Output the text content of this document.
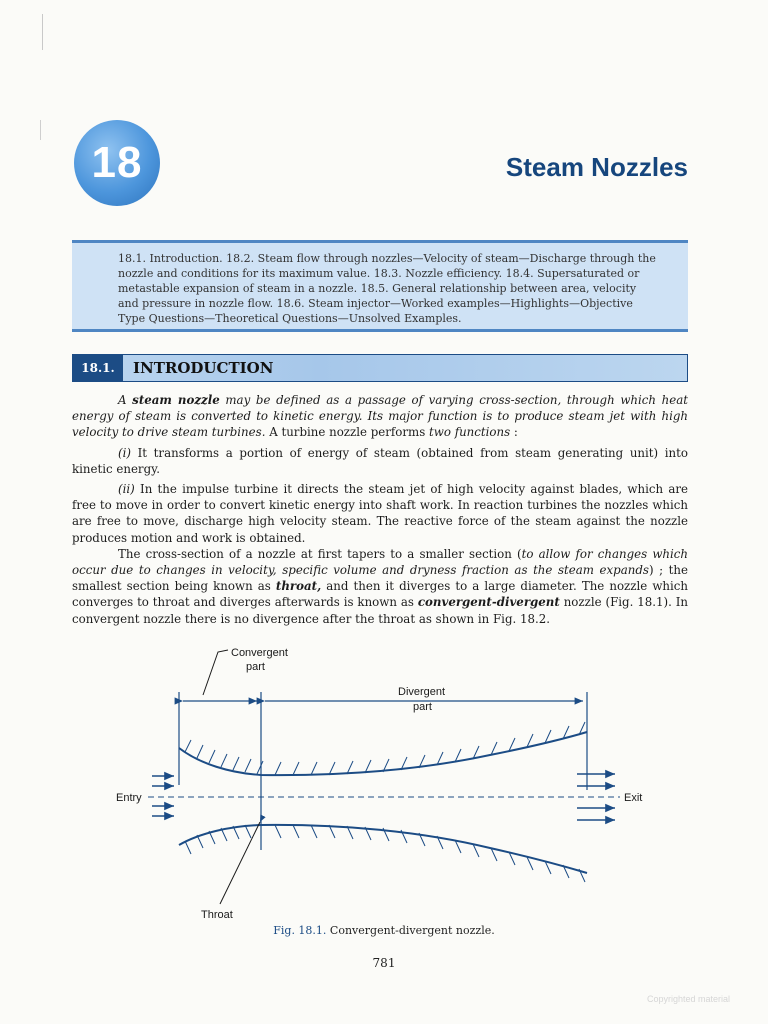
18	Steam Nozzles
18.1. Introduction. 18.2. Steam flow through nozzles—Velocity of steam—Discharge through the nozzle and conditions for its maximum value. 18.3. Nozzle efficiency. 18.4. Supersaturated or metastable expansion of steam in a nozzle. 18.5. General relationship between area, velocity and pressure in nozzle flow. 18.6. Steam injector—Worked examples—Highlights—Objective Type Questions—Theoretical Questions—Unsolved Examples.
18.1.	INTRODUCTION

A steam nozzle may be defined as a passage of varying cross-section, through which heat energy of steam is converted to kinetic energy. Its major function is to produce steam jet with high velocity to drive steam turbines. A turbine nozzle performs two functions :

(i) It transforms a portion of energy of steam (obtained from steam generating unit) into kinetic energy.

(ii) In the impulse turbine it directs the steam jet of high velocity against blades, which are free to move in order to convert kinetic energy into shaft work. In reaction turbines the nozzles which are free to move, discharge high velocity steam. The reactive force of the steam against the nozzle produces motion and work is obtained.

The cross-section of a nozzle at first tapers to a smaller section (to allow for changes which occur due to changes in velocity, specific volume and dryness fraction as the steam expands) ; the smallest section being known as throat, and then it diverges to a large diameter. The nozzle which converges to throat and diverges afterwards is known as convergent-divergent nozzle (Fig. 18.1). In convergent nozzle there is no divergence after the throat as shown in Fig. 18.2.

Convergent
part
Divergent
part
Entry	Exit
Throat
Fig. 18.1. Convergent-divergent nozzle.
781
Copyrighted material
